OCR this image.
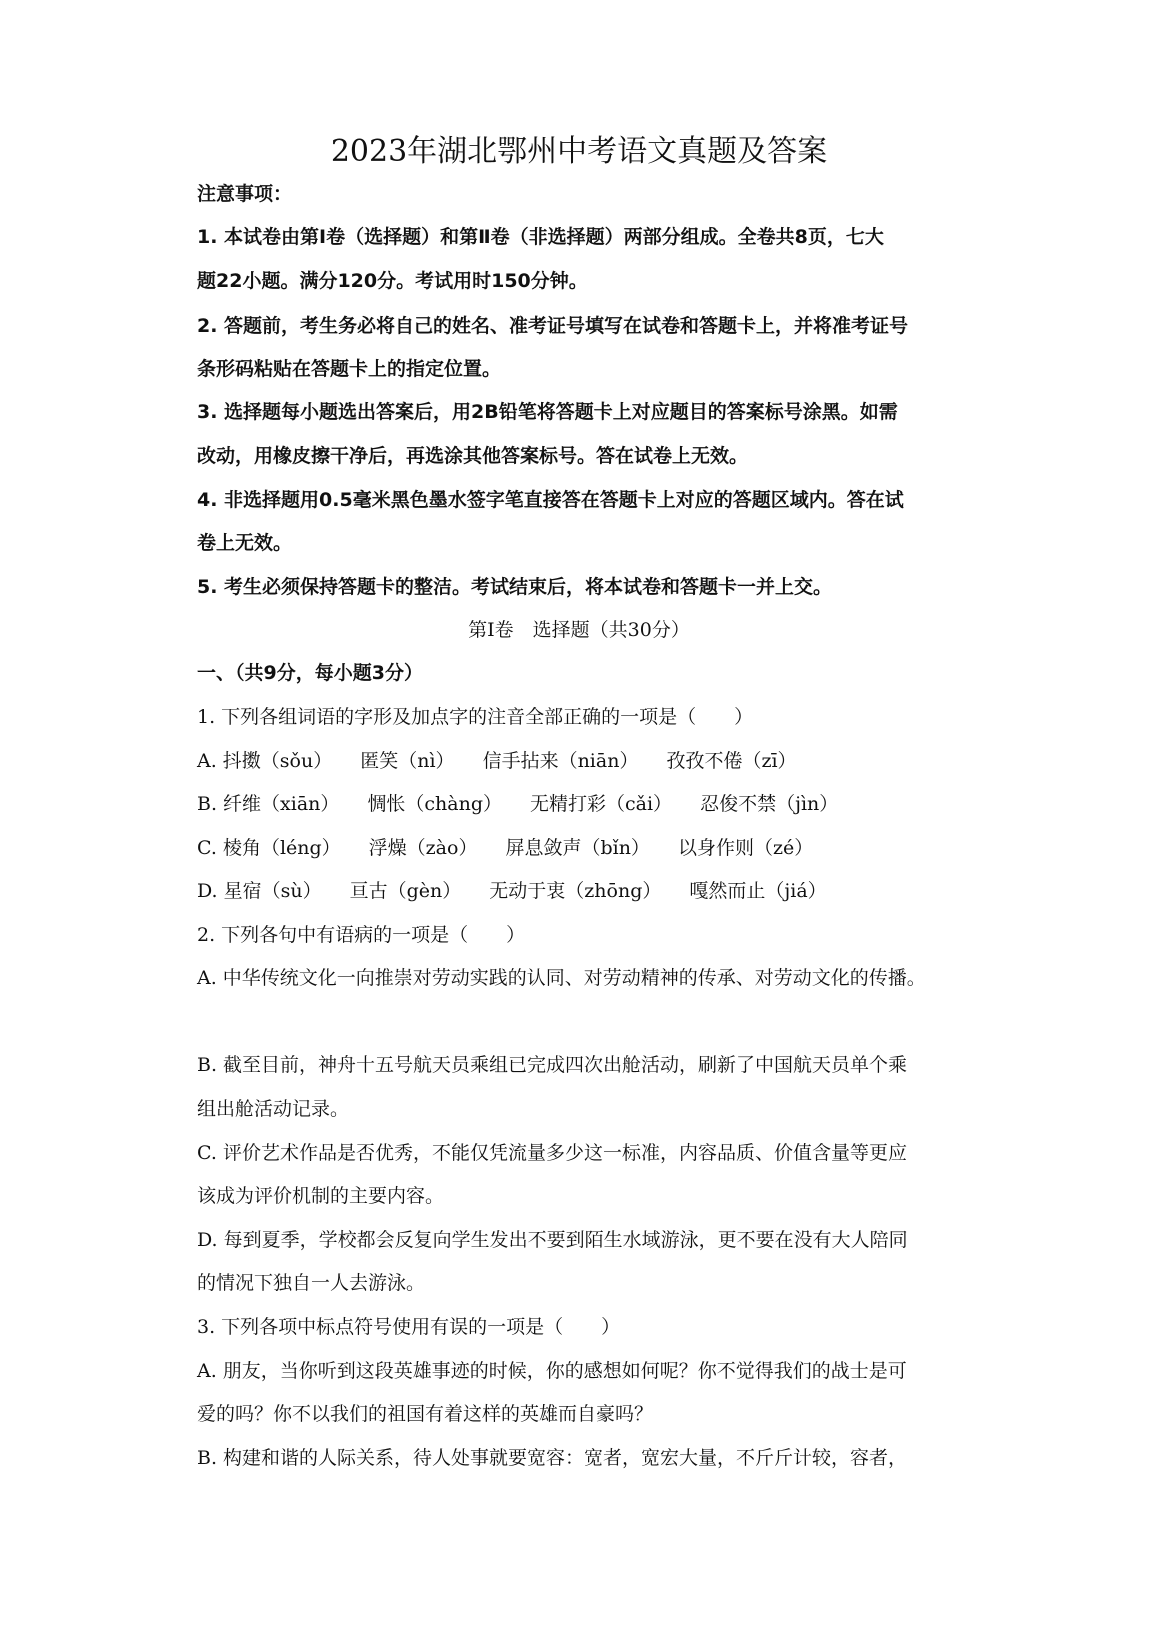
2023年湖北鄂州中考语文真题及答案
注意事项：
1. 本试卷由第Ⅰ卷（选择题）和第Ⅱ卷（非选择题）两部分组成。全卷共8页，七大
题22小题。满分120分。考试用时150分钟。
2. 答题前，考生务必将自己的姓名、准考证号填写在试卷和答题卡上，并将准考证号
条形码粘贴在答题卡上的指定位置。
3. 选择题每小题选出答案后，用2B铅笔将答题卡上对应题目的答案标号涂黑。如需
改动，用橡皮擦干净后，再选涂其他答案标号。答在试卷上无效。
4. 非选择题用0.5毫米黑色墨水签字笔直接答在答题卡上对应的答题区域内。答在试
卷上无效。
5. 考生必须保持答题卡的整洁。考试结束后，将本试卷和答题卡一并上交。
第Ⅰ卷　选择题（共30分）
一、（共9分，每小题3分）
1. 下列各组词语的字形及加点字的注音全部正确的一项是（　　）
A. 抖擞（sǒu） 匿笑（nì） 信手拈来（niān） 孜孜不倦（zī）
B. 纤维（xiān） 惆怅（chàng） 无精打彩（cǎi） 忍俊不禁（jìn）
C. 棱角（léng） 浮燥（zào） 屏息敛声（bǐn） 以身作则（zé）
D. 星宿（sù） 亘古（gèn） 无动于衷（zhōng） 嘎然而止（jiá）
2. 下列各句中有语病的一项是（　　）
A. 中华传统文化一向推崇对劳动实践的认同、对劳动精神的传承、对劳动文化的传播。
B. 截至目前，神舟十五号航天员乘组已完成四次出舱活动，刷新了中国航天员单个乘
组出舱活动记录。
C. 评价艺术作品是否优秀，不能仅凭流量多少这一标准，内容品质、价值含量等更应
该成为评价机制的主要内容。
D. 每到夏季，学校都会反复向学生发出不要到陌生水域游泳，更不要在没有大人陪同
的情况下独自一人去游泳。
3. 下列各项中标点符号使用有误的一项是（　　）
A. 朋友，当你听到这段英雄事迹的时候，你的感想如何呢？你不觉得我们的战士是可
爱的吗？你不以我们的祖国有着这样的英雄而自豪吗？
B. 构建和谐的人际关系，待人处事就要宽容：宽者，宽宏大量，不斤斤计较，容者，
